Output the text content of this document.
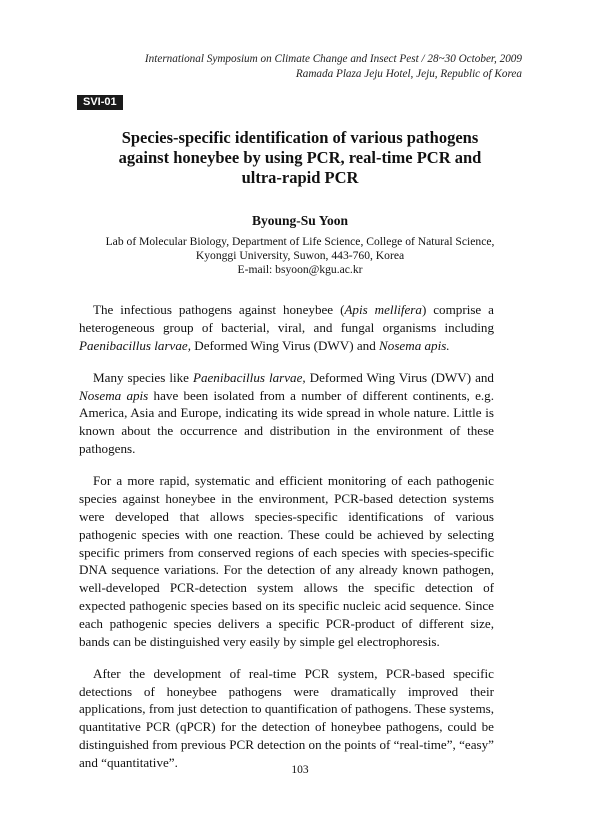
International Symposium on Climate Change and Insect Pest / 28~30 October, 2009
Ramada Plaza Jeju Hotel, Jeju, Republic of Korea
SVI-01
Species-specific identification of various pathogens
against honeybee by using PCR, real-time PCR and
ultra-rapid PCR
Byoung-Su Yoon
Lab of Molecular Biology, Department of Life Science, College of Natural Science,
Kyonggi University, Suwon, 443-760, Korea
E-mail: bsyoon@kgu.ac.kr

The infectious pathogens against honeybee (Apis mellifera) comprise a heterogeneous group of bacterial, viral, and fungal organisms including Paenibacillus larvae, Deformed Wing Virus (DWV) and Nosema apis.

Many species like Paenibacillus larvae, Deformed Wing Virus (DWV) and Nosema apis have been isolated from a number of different continents, e.g. America, Asia and Europe, indicating its wide spread in whole nature. Little is known about the occurrence and distribution in the environment of these pathogens.

For a more rapid, systematic and efficient monitoring of each pathogenic species against honeybee in the environment, PCR-based detection systems were developed that allows species-specific identifications of various pathogenic species with one reaction. These could be achieved by selecting specific primers from conserved regions of each species with species-specific DNA sequence variations. For the detection of any already known pathogen, well-developed PCR-detection system allows the specific detection of expected pathogenic species based on its specific nucleic acid sequence. Since each pathogenic species delivers a specific PCR-product of different size, bands can be distinguished very easily by simple gel electrophoresis.

After the development of real-time PCR system, PCR-based specific detections of honeybee pathogens were dramatically improved their applications, from just detection to quantification of pathogens. These systems, quantitative PCR (qPCR) for the detection of honeybee pathogens, could be distinguished from previous PCR detection on the points of “real-time”, “easy” and “quantitative”.

103
